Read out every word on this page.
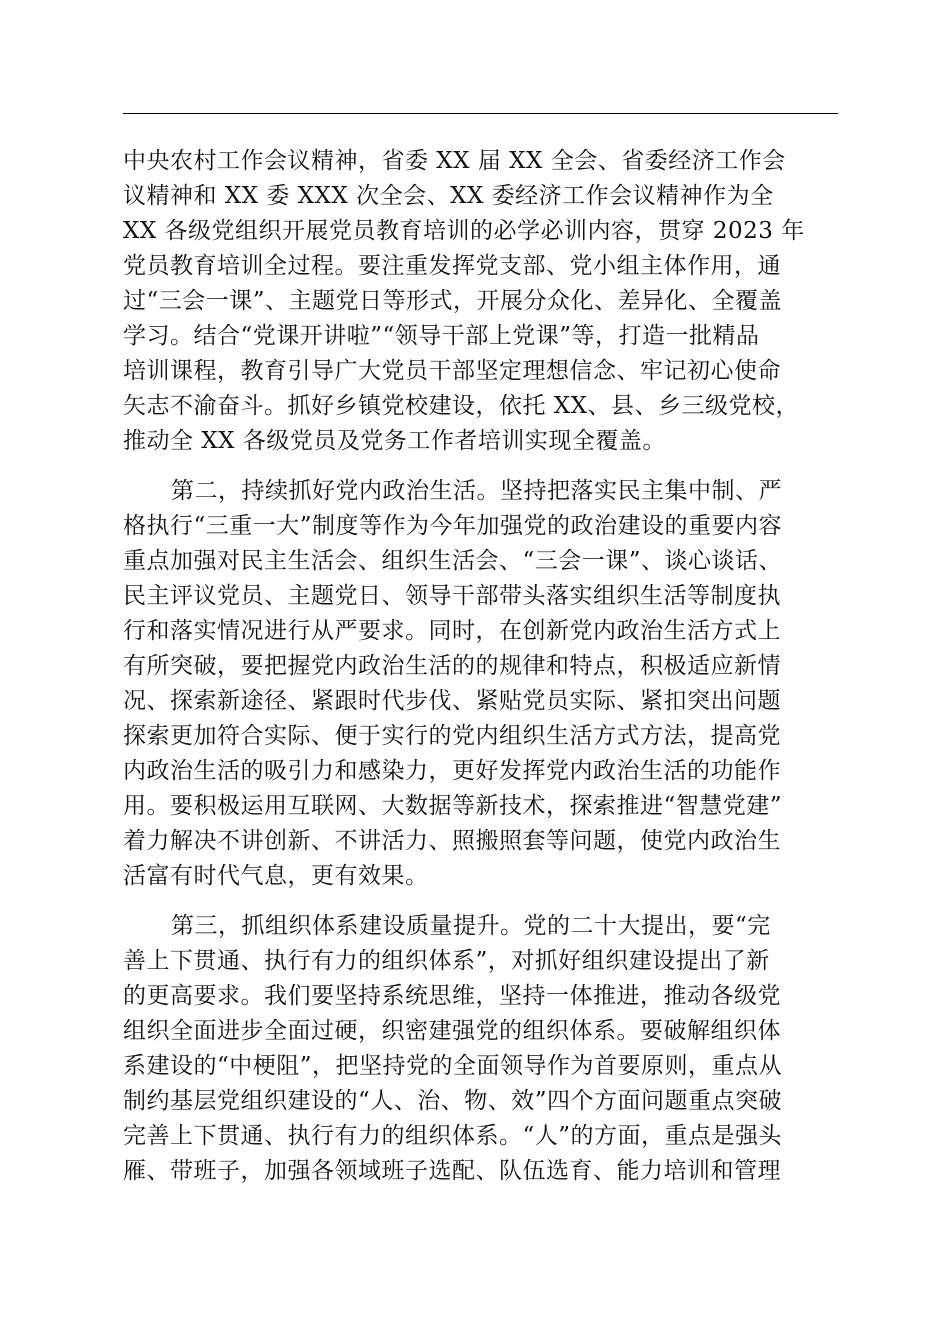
中央农村工作会议精神，省委 XX 届 XX 全会、省委经济工作会
议精神和 XX 委 XXX 次全会、XX 委经济工作会议精神作为全
XX 各级党组织开展党员教育培训的必学必训内容，贯穿 2023 年
党员教育培训全过程。要注重发挥党支部、党小组主体作用，通
过“三会一课”、主题党日等形式，开展分众化、差异化、全覆盖
学习。结合“党课开讲啦”“领导干部上党课”等，打造一批精品
培训课程，教育引导广大党员干部坚定理想信念、牢记初心使命
矢志不渝奋斗。抓好乡镇党校建设，依托 XX、县、乡三级党校，
推动全 XX 各级党员及党务工作者培训实现全覆盖。

第二，持续抓好党内政治生活。坚持把落实民主集中制、严
格执行“三重一大”制度等作为今年加强党的政治建设的重要内容
重点加强对民主生活会、组织生活会、“三会一课”、谈心谈话、
民主评议党员、主题党日、领导干部带头落实组织生活等制度执
行和落实情况进行从严要求。同时，在创新党内政治生活方式上
有所突破，要把握党内政治生活的的规律和特点，积极适应新情
况、探索新途径、紧跟时代步伐、紧贴党员实际、紧扣突出问题
探索更加符合实际、便于实行的党内组织生活方式方法，提高党
内政治生活的吸引力和感染力，更好发挥党内政治生活的功能作
用。要积极运用互联网、大数据等新技术，探索推进“智慧党建”
着力解决不讲创新、不讲活力、照搬照套等问题，使党内政治生
活富有时代气息，更有效果。

第三，抓组织体系建设质量提升。党的二十大提出，要“完
善上下贯通、执行有力的组织体系”，对抓好组织建设提出了新
的更高要求。我们要坚持系统思维，坚持一体推进，推动各级党
组织全面进步全面过硬，织密建强党的组织体系。要破解组织体
系建设的“中梗阻”，把坚持党的全面领导作为首要原则，重点从
制约基层党组织建设的“人、治、物、效”四个方面问题重点突破
完善上下贯通、执行有力的组织体系。“人”的方面，重点是强头
雁、带班子，加强各领域班子选配、队伍选育、能力培训和管理
